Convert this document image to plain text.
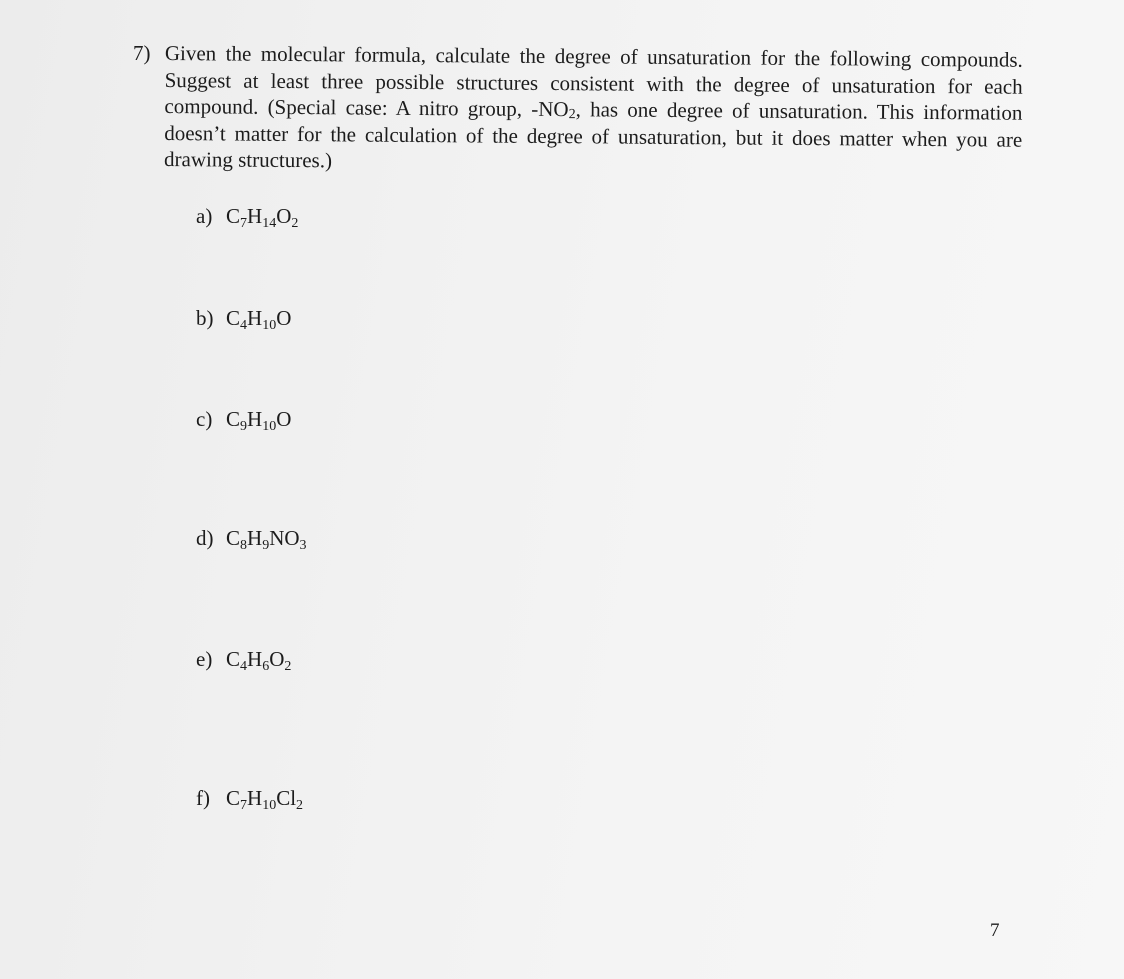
7) Given the molecular formula, calculate the degree of unsaturation for the following compounds. Suggest at least three possible structures consistent with the degree of unsaturation for each compound. (Special case: A nitro group, $-NO_2$, has one degree of unsaturation. This information doesn’t matter for the calculation of the degree of unsaturation, but it does matter when you are drawing structures.)
a) $C_7H_{14}O_2$
b) $C_4H_{10}O$
c) $C_9H_{10}O$
d) $C_8H_9NO_3$
e) $C_4H_6O_2$
f) $C_7H_{10}Cl_2$
7
